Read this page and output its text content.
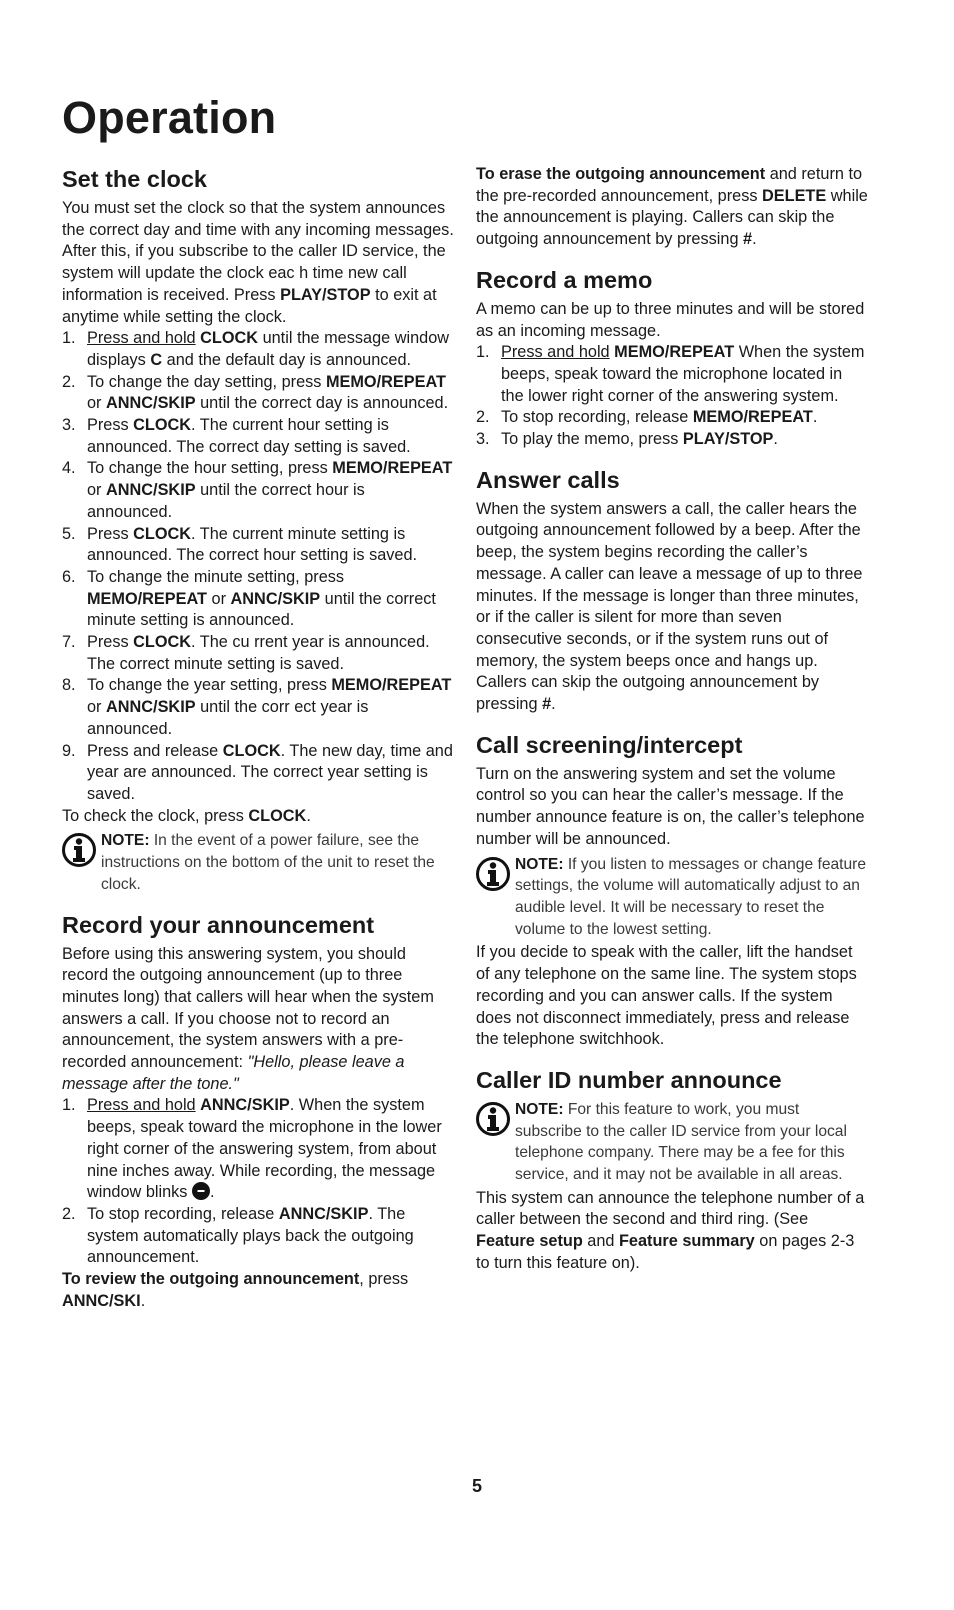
Operation
Set the clock

You must set the clock so that the system announces the correct day and time with any incoming messages. After this, if you subscribe to the caller ID service, the system will update the clock eac h time new call information is received. Press PLAY/STOP to exit at anytime while setting the clock.

1. Press and hold CLOCK until the message window displays C and the default day is announced.
2. To change the day setting, press MEMO/REPEAT or ANNC/SKIP until the correct day is announced.
3. Press CLOCK. The current hour setting is announced. The correct day setting is saved.
4. To change the hour setting, press MEMO/REPEAT or ANNC/SKIP until the correct hour is announced.
5. Press CLOCK. The current minute setting is announced. The correct hour setting is saved.
6. To change the minute setting, press MEMO/REPEAT or ANNC/SKIP until the correct minute setting is announced.
7. Press CLOCK. The cu rrent year is announced. The correct minute setting is saved.
8. To change the year setting, press MEMO/REPEAT or ANNC/SKIP until the corr ect year is announced.
9. Press and release CLOCK. The new day, time and year are announced. The correct year setting is saved.

To check the clock, press CLOCK.

NOTE: In the event of a power failure, see the instructions on the bottom of the unit to reset the clock.
Record your announcement

Before using this answering system, you should record the outgoing announcement (up to three minutes long) that callers will hear when the system answers a call. If you choose not to record an announcement, the system answers with a pre-recorded announcement: "Hello, please leave a message after the tone."

1. Press and hold ANNC/SKIP. When the system beeps, speak toward the microphone in the lower right corner of the answering system, from about nine inches away. While recording, the message window blinks .
2. To stop recording, release ANNC/SKIP. The system automatically plays back the outgoing announcement.

To review the outgoing announcement, press ANNC/SKI.

To erase the outgoing announcement and return to the pre-recorded announcement, press DELETE while the announcement is playing. Callers can skip the outgoing announcement by pressing #.

Record a memo

A memo can be up to three minutes and will be stored as an incoming message.

1. Press and hold MEMO/REPEAT When the system beeps, speak toward the microphone located in the lower right corner of the answering system.
2. To stop recording, release MEMO/REPEAT.
3. To play the memo, press PLAY/STOP.
Answer calls

When the system answers a call, the caller hears the outgoing announcement followed by a beep. After the beep, the system begins recording the caller’s message. A caller can leave a message of up to three minutes. If the message is longer than three minutes, or if the caller is silent for more than seven consecutive seconds, or if the system runs out of memory, the system beeps once and hangs up. Callers can skip the outgoing announcement by pressing #.

Call screening/intercept

Turn on the answering system and set the volume control so you can hear the caller’s message. If the number announce feature is on, the caller’s telephone number will be announced.

NOTE: If you listen to messages or change feature settings, the volume will automatically adjust to an audible level. It will be necessary to reset the volume to the lowest setting.

If you decide to speak with the caller, lift the handset of any telephone on the same line. The system stops recording and you can answer calls. If the system does not disconnect immediately, press and release the telephone switchhook.

Caller ID number announce
NOTE: For this feature to work, you must subscribe to the caller ID service from your local telephone company. There may be a fee for this service, and it may not be available in all areas.

This system can announce the telephone number of a caller between the second and third ring. (See Feature setup and Feature summary on pages 2-3 to turn this feature on).

5
